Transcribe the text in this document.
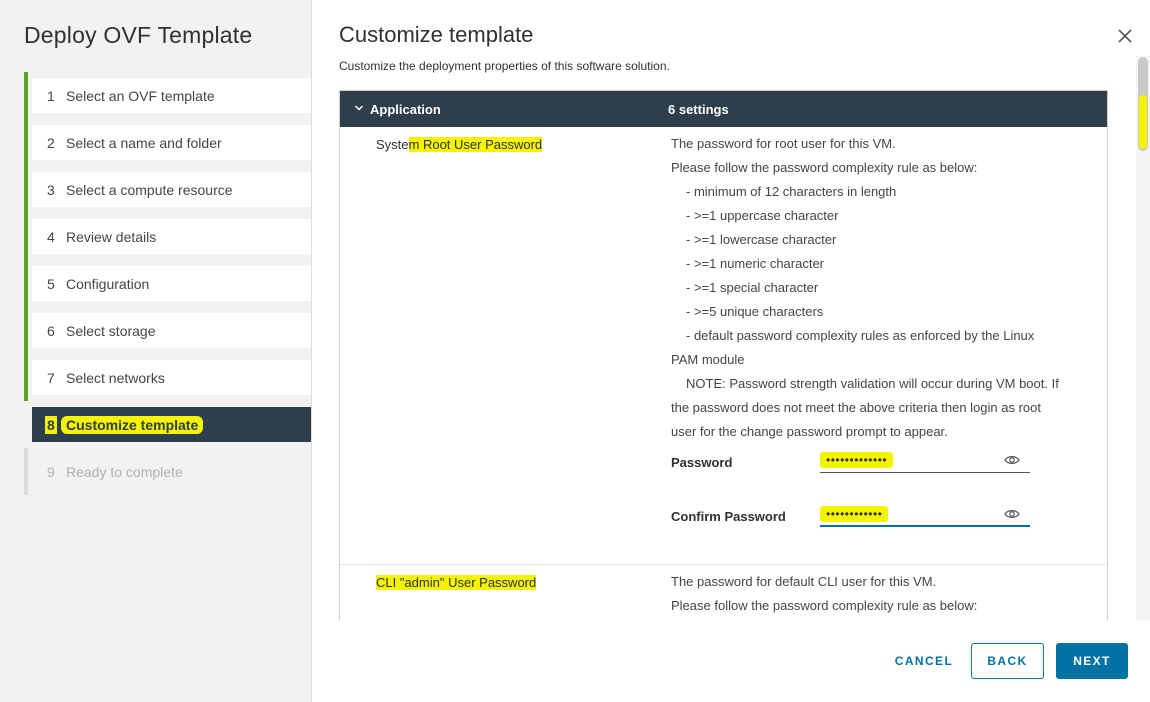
Deploy OVF Template
1 Select an OVF template
2 Select a name and folder
3 Select a compute resource
4 Review details
5 Configuration
6 Select storage
7 Select networks
8 Customize template
9 Ready to complete
Customize template
Customize the deployment properties of this software solution.
Application	6 settings
System Root User Password	The password for root user for this VM.
Please follow the password complexity rule as below:
- minimum of 12 characters in length
- >=1 uppercase character
- >=1 lowercase character
- >=1 numeric character
- >=1 special character
- >=5 unique characters
- default password complexity rules as enforced by the Linux
PAM module
NOTE: Password strength validation will occur during VM boot. If
the password does not meet the above criteria then login as root
user for the change password prompt to appear.
Password	•••••••••••••
Confirm Password	••••••••••••
CLI "admin" User Password	The password for default CLI user for this VM.
Please follow the password complexity rule as below:
CANCEL	BACK	NEXT
